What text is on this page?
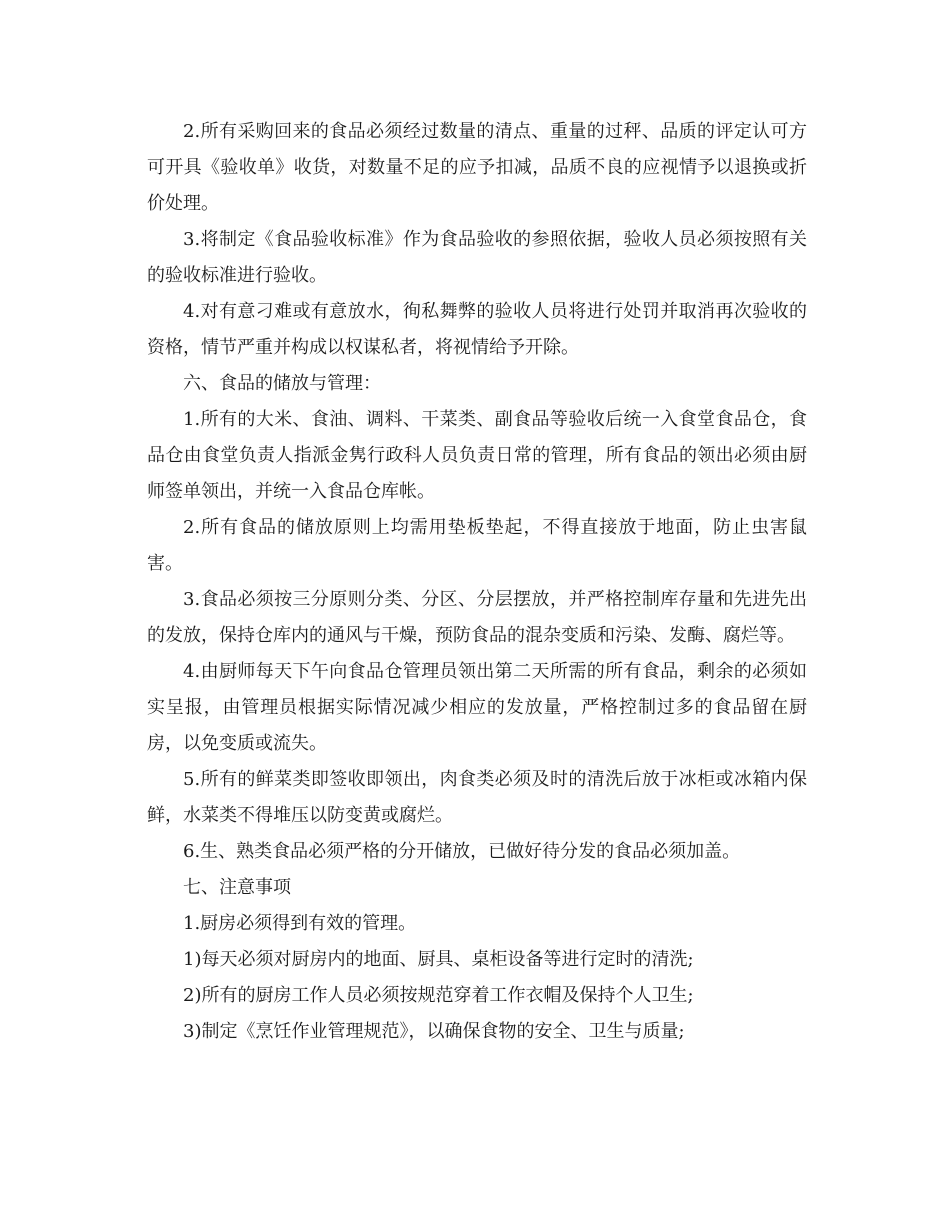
2.所有采购回来的食品必须经过数量的清点、重量的过秤、品质的评定认可方可开具《验收单》收货，对数量不足的应予扣减，品质不良的应视情予以退换或折价处理。

3.将制定《食品验收标准》作为食品验收的参照依据，验收人员必须按照有关的验收标准进行验收。

4.对有意刁难或有意放水，徇私舞弊的验收人员将进行处罚并取消再次验收的资格，情节严重并构成以权谋私者，将视情给予开除。

六、食品的储放与管理：

1.所有的大米、食油、调料、干菜类、副食品等验收后统一入食堂食品仓，食品仓由食堂负责人指派金隽行政科人员负责日常的管理，所有食品的领出必须由厨师签单领出，并统一入食品仓库帐。

2.所有食品的储放原则上均需用垫板垫起，不得直接放于地面，防止虫害鼠害。

3.食品必须按三分原则分类、分区、分层摆放，并严格控制库存量和先进先出的发放，保持仓库内的通风与干燥，预防食品的混杂变质和污染、发酶、腐烂等。

4.由厨师每天下午向食品仓管理员领出第二天所需的所有食品，剩余的必须如实呈报，由管理员根据实际情况减少相应的发放量，严格控制过多的食品留在厨房，以免变质或流失。

5.所有的鲜菜类即签收即领出，肉食类必须及时的清洗后放于冰柜或冰箱内保鲜，水菜类不得堆压以防变黄或腐烂。

6.生、熟类食品必须严格的分开储放，已做好待分发的食品必须加盖。

七、注意事项

1.厨房必须得到有效的管理。

1)每天必须对厨房内的地面、厨具、桌柜设备等进行定时的清洗;

2)所有的厨房工作人员必须按规范穿着工作衣帽及保持个人卫生;

3)制定《烹饪作业管理规范》，以确保食物的安全、卫生与质量;
